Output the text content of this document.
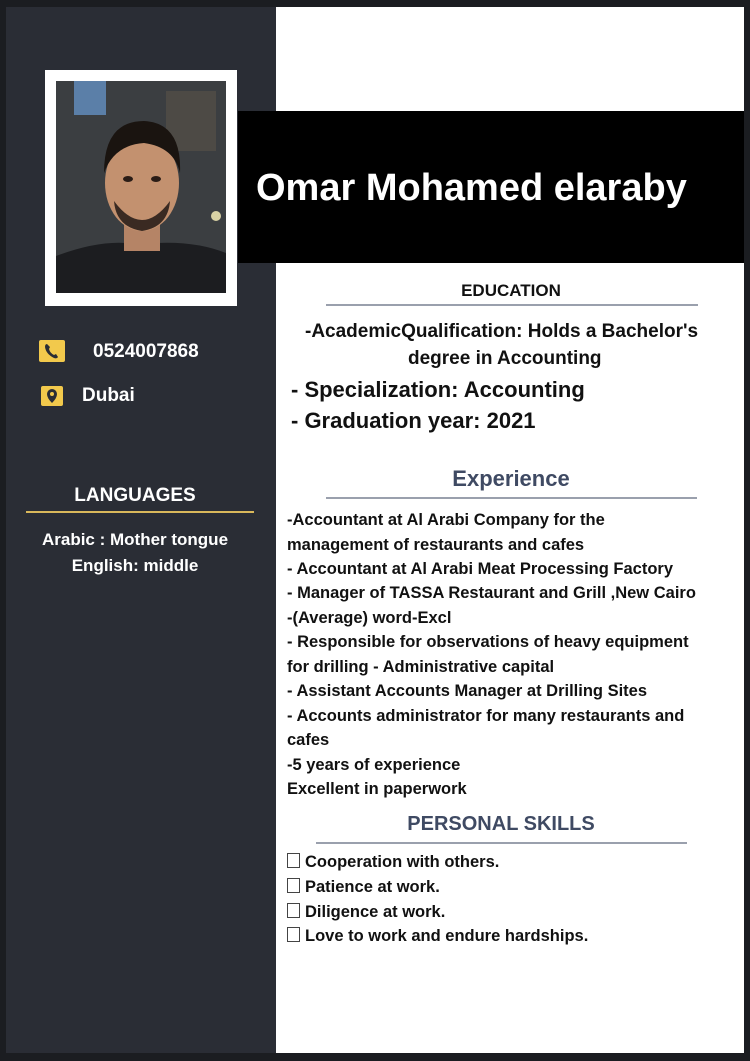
0524007868
Dubai
LANGUAGES
Arabic : Mother tongue
English: middle
Omar Mohamed elaraby
EDUCATION
-AcademicQualification: Holds a Bachelor's
degree in Accounting
- Specialization: Accounting
- Graduation year: 2021
Experience
-Accountant at Al Arabi Company for the
management of restaurants and cafes
- Accountant at Al Arabi Meat Processing Factory
- Manager of TASSA Restaurant and Grill ,New Cairo
-(Average) word-Excl
- Responsible for observations of heavy equipment
for drilling - Administrative capital
- Assistant Accounts Manager at Drilling Sites
- Accounts administrator for many restaurants and
cafes
-5 years of experience
Excellent in paperwork
PERSONAL SKILLS
Cooperation with others.
Patience at work.
Diligence at work.
Love to work and endure hardships.
